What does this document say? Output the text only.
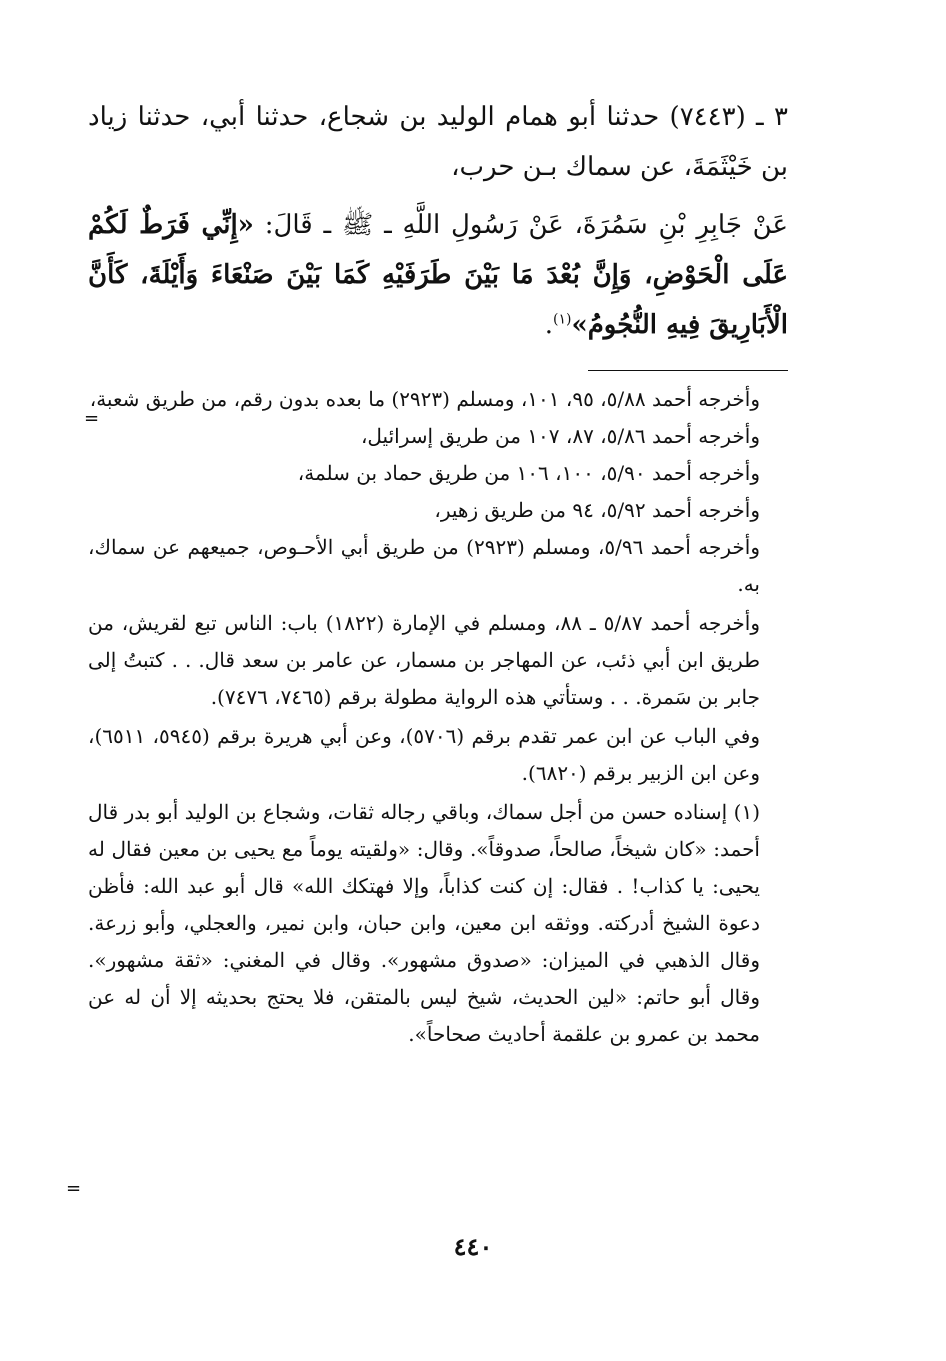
٣ ـ (٧٤٤٣) حدثنا أبو همام الوليد بن شجاع، حدثنا أبي، حدثنا زياد بن خَيْثَمَةَ، عن سماك بـن حرب،

عَنْ جَابِرِ بْنِ سَمُرَةَ، عَنْ رَسُولِ اللَّهِ ـ ﷺ ـ قَالَ: «إِنِّي فَرَطٌ لَكُمْ عَلَى الْحَوْضِ، وَإِنَّ بُعْدَ مَا بَيْنَ طَرَفَيْهِ كَمَا بَيْنَ صَنْعَاءَ وَأَيْلَةَ، كَأَنَّ الْأَبَارِيقَ فِيهِ النُّجُومُ»$^{(١)}$.

وأخرجه أحمد ٥/٨٨، ٩٥، ١٠١، ومسلم (٢٩٢٣) ما بعده بدون رقم، من طريق شعبة،

وأخرجه أحمد ٥/٨٦، ٨٧، ١٠٧ من طريق إسرائيل،

وأخرجه أحمد ٥/٩٠، ١٠٠، ١٠٦ من طريق حماد بن سلمة،

وأخرجه أحمد ٥/٩٢، ٩٤ من طريق زهير،

وأخرجه أحمد ٥/٩٦، ومسلم (٢٩٢٣) من طريق أبي الأحـوص، جميعهم عن سماك، به.

وأخرجه أحمد ٥/٨٧ ـ ٨٨، ومسلم في الإمارة (١٨٢٢) باب: الناس تبع لقريش، من طريق ابن أبي ذئب، عن المهاجر بن مسمار، عن عامر بن سعد قال. . . كتبتُ إلى جابر بن سَمرة. . . وستأتي هذه الرواية مطولة برقم (٧٤٦٥، ٧٤٧٦).

وفي الباب عن ابن عمر تقدم برقم (٥٧٠٦)، وعن أبي هريرة برقم (٥٩٤٥، ٦٥١١)، وعن ابن الزبير برقم (٦٨٢٠).

(١) إسناده حسن من أجل سماك، وباقي رجاله ثقات، وشجاع بن الوليد أبو بدر قال أحمد: «كان شيخاً، صالحاً، صدوقاً». وقال: «ولقيته يوماً مع يحيى بن معين فقال له يحيى: يا كذاب! . فقال: إن كنت كذاباً، وإلا فهتكك الله» قال أبو عبد الله: فأظن دعوة الشيخ أدركته. ووثقه ابن معين، وابن حبان، وابن نمير، والعجلي، وأبو زرعة. وقال الذهبي في الميزان: «صدوق مشهور». وقال في المغني: «ثقة مشهور». وقال أبو حاتم: «لين الحديث، شيخ ليس بالمتقن، فلا يحتج بحديثه إلا أن له عن محمد بن عمرو بن علقمة أحاديث صحاحاً».

=
=
٤٤٠
